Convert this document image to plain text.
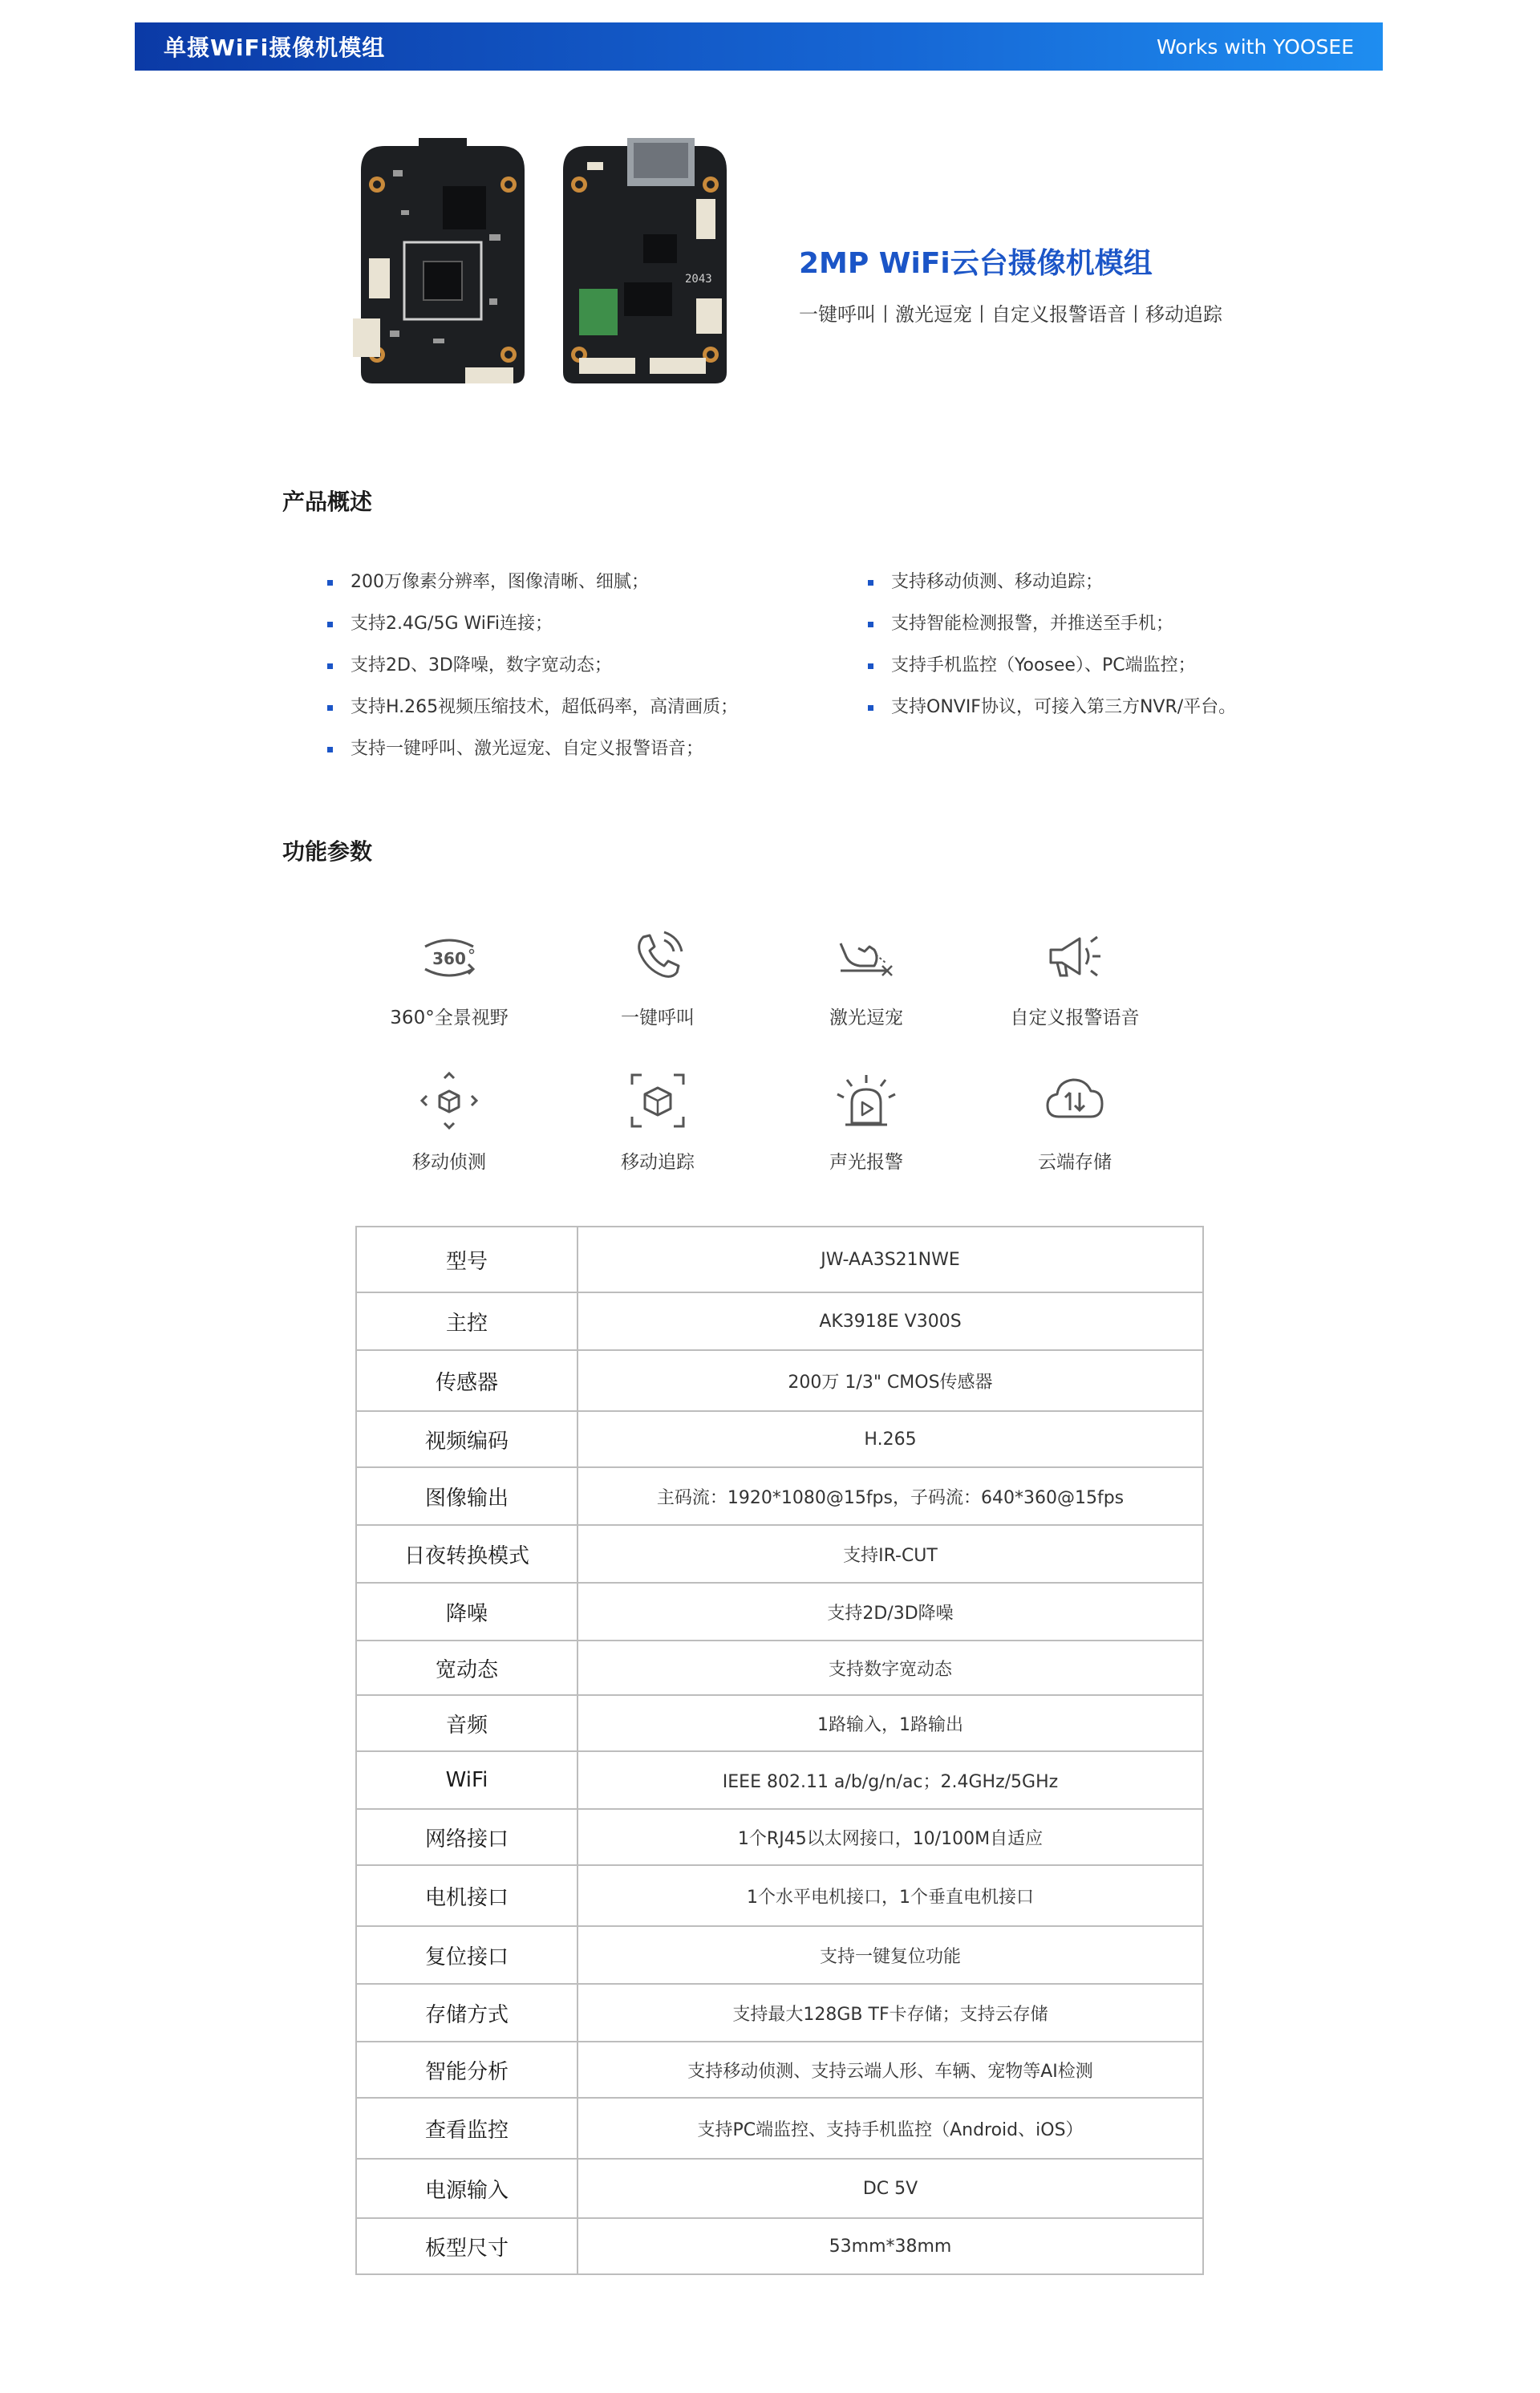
单摄WiFi摄像机模组	Works with YOOSEE
2043	2MP WiFi云台摄像机模组
一键呼叫丨激光逗宠丨自定义报警语音丨移动追踪
产品概述
200万像素分辨率，图像清晰、细腻；
支持2.4G/5G WiFi连接；
支持2D、3D降噪，数字宽动态；
支持H.265视频压缩技术，超低码率，高清画质；
支持一键呼叫、激光逗宠、自定义报警语音；
支持移动侦测、移动追踪；
支持智能检测报警，并推送至手机；
支持手机监控（Yoosee）、PC端监控；
支持ONVIF协议，可接入第三方NVR/平台。
功能参数
360
360°全景视野	一键呼叫	激光逗宠	自定义报警语音
移动侦测	移动追踪	声光报警	云端存储
型号	JW-AA3S21NWE
主控	AK3918E V300S
传感器	200万 1/3" CMOS传感器
视频编码	H.265
图像输出	主码流：1920*1080@15fps，子码流：640*360@15fps
日夜转换模式	支持IR-CUT
降噪	支持2D/3D降噪
宽动态	支持数字宽动态
音频	1路输入，1路输出
WiFi	IEEE 802.11 a/b/g/n/ac；2.4GHz/5GHz
网络接口	1个RJ45以太网接口，10/100M自适应
电机接口	1个水平电机接口，1个垂直电机接口
复位接口	支持一键复位功能
存储方式	支持最大128GB TF卡存储；支持云存储
智能分析	支持移动侦测、支持云端人形、车辆、宠物等AI检测
查看监控	支持PC端监控、支持手机监控（Android、iOS）
电源输入	DC 5V
板型尺寸	53mm*38mm
